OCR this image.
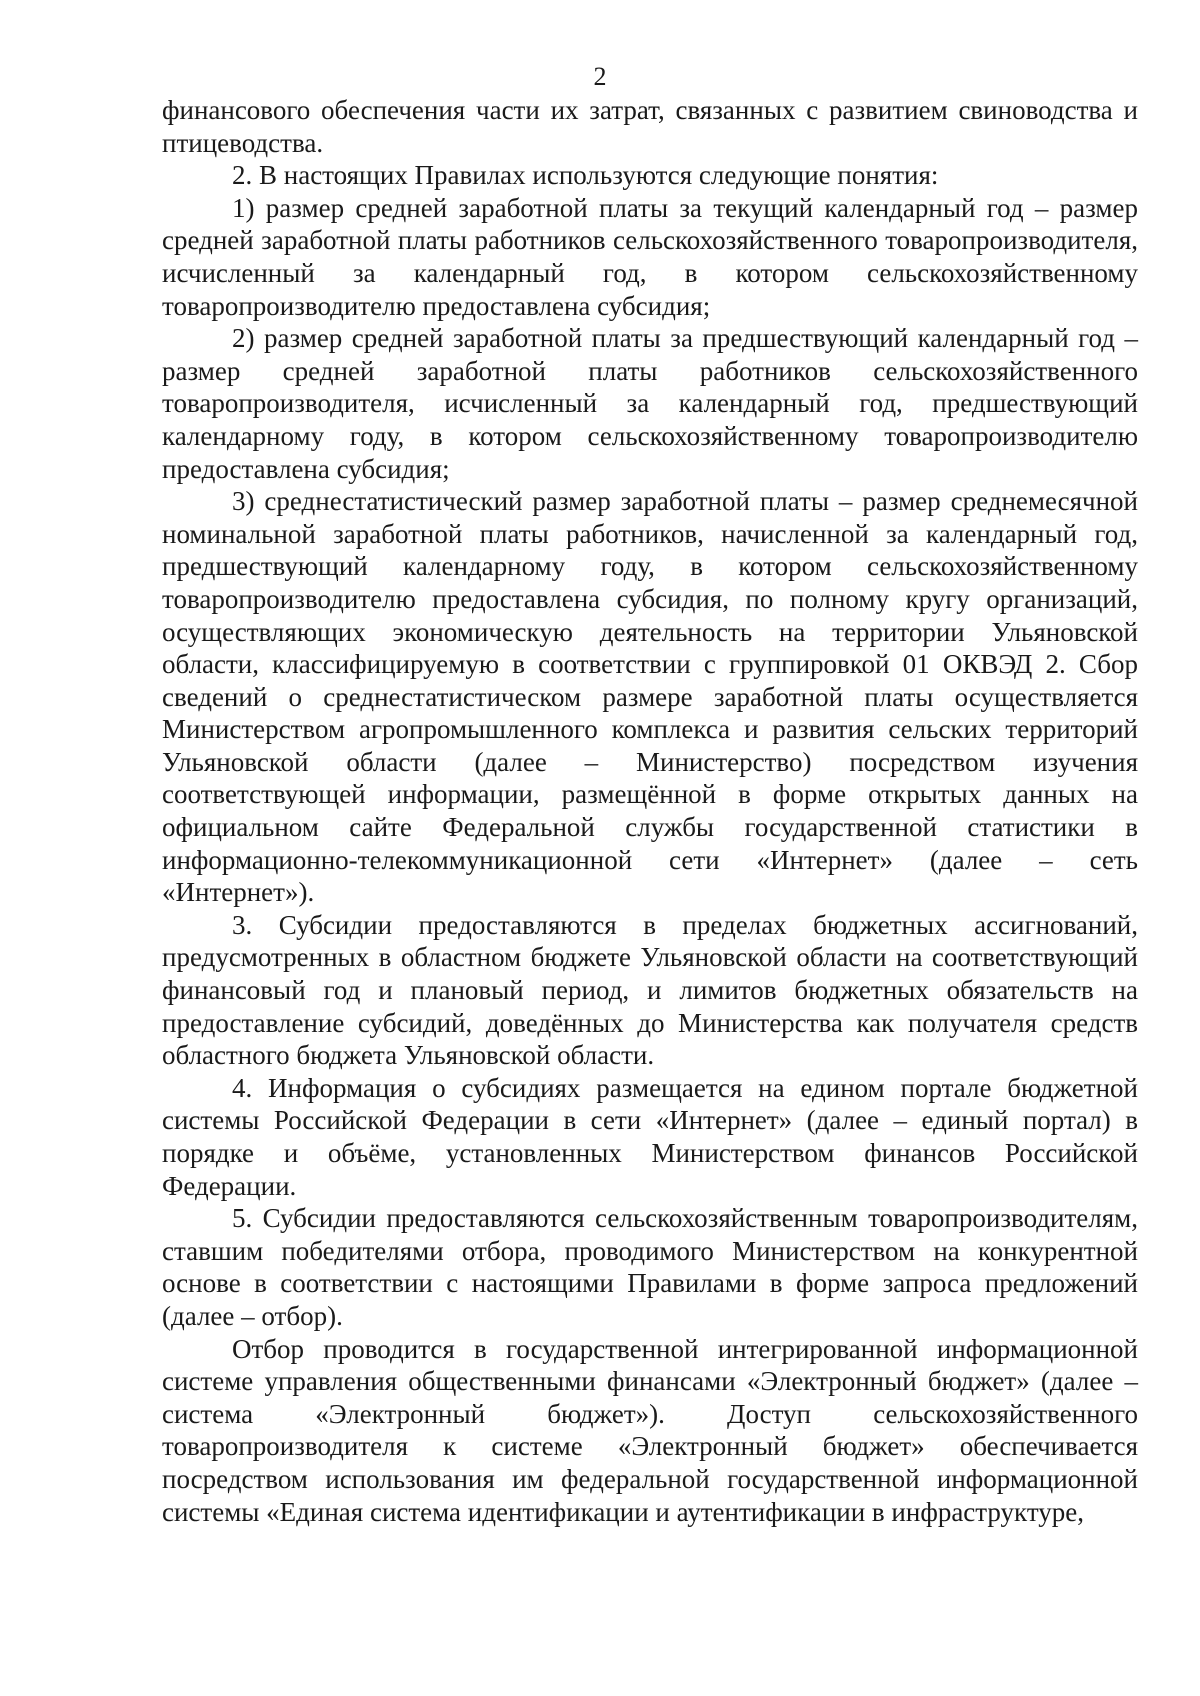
2

финансового обеспечения части их затрат, связанных с развитием свиноводства и птицеводства.

2. В настоящих Правилах используются следующие понятия:

1) размер средней заработной платы за текущий календарный год – размер средней заработной платы работников сельскохозяйственного товаропроизводителя, исчисленный за календарный год, в котором сельскохозяйственному товаропроизводителю предоставлена субсидия;

2) размер средней заработной платы за предшествующий календарный год – размер средней заработной платы работников сельскохозяйственного товаропроизводителя, исчисленный за календарный год, предшествующий календарному году, в котором сельскохозяйственному товаропроизводителю предоставлена субсидия;

3) среднестатистический размер заработной платы – размер среднемесячной номинальной заработной платы работников, начисленной за календарный год, предшествующий календарному году, в котором сельскохозяйственному товаропроизводителю предоставлена субсидия, по полному кругу организаций, осуществляющих экономическую деятельность на территории Ульяновской области, классифицируемую в соответствии с группировкой 01 ОКВЭД 2. Сбор сведений о среднестатистическом размере заработной платы осуществляется Министерством агропромышленного комплекса и развития сельских территорий Ульяновской области (далее – Министерство) посредством изучения соответствующей информации, размещённой в форме открытых данных на официальном сайте Федеральной службы государственной статистики в информационно-телекоммуникационной сети «Интернет» (далее – сеть «Интернет»).

3. Субсидии предоставляются в пределах бюджетных ассигнований, предусмотренных в областном бюджете Ульяновской области на соответствующий финансовый год и плановый период, и лимитов бюджетных обязательств на предоставление субсидий, доведённых до Министерства как получателя средств областного бюджета Ульяновской области.

4. Информация о субсидиях размещается на едином портале бюджетной системы Российской Федерации в сети «Интернет» (далее – единый портал) в порядке и объёме, установленных Министерством финансов Российской Федерации.

5. Субсидии предоставляются сельскохозяйственным товаропроизводителям, ставшим победителями отбора, проводимого Министерством на конкурентной основе в соответствии с настоящими Правилами в форме запроса предложений (далее – отбор).

Отбор проводится в государственной интегрированной информационной системе управления общественными финансами «Электронный бюджет» (далее – система «Электронный бюджет»). Доступ сельскохозяйственного товаропроизводителя к системе «Электронный бюджет» обеспечивается посредством использования им федеральной государственной информационной системы «Единая система идентификации и аутентификации в инфраструктуре,
